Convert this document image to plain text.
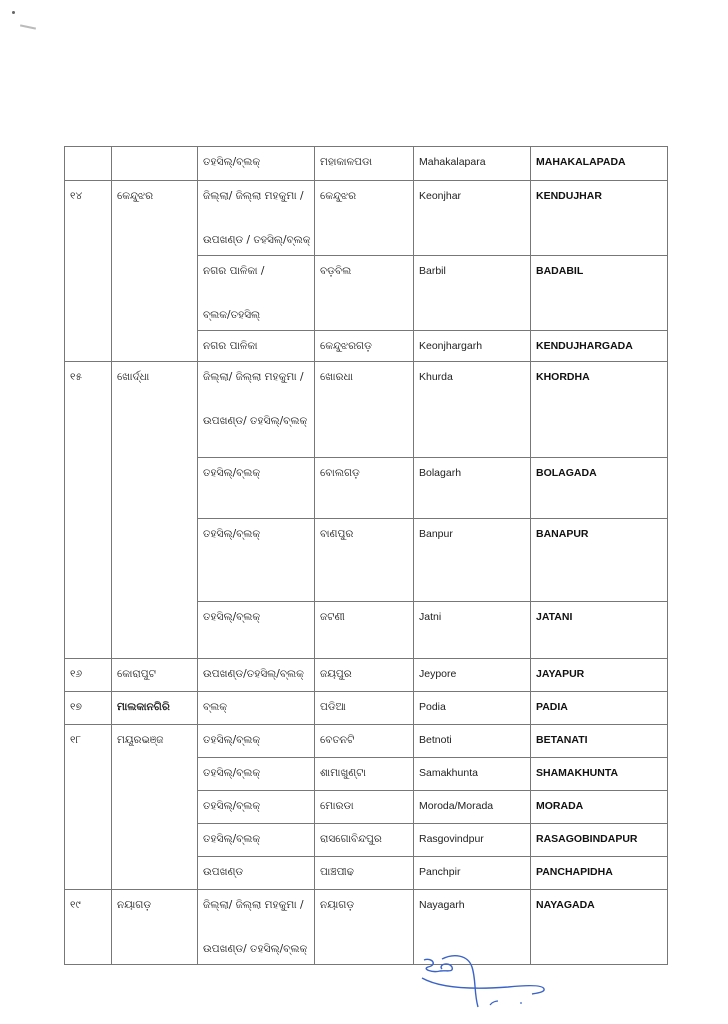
		ତହସିଲ୍/ବ୍ଲକ୍	ମହାକାଳପଡା	Mahakalapara	MAHAKALAPADA
୧୪	କେନ୍ଦୁଝର	ଜିଲ୍ଲା/ ଜିଲ୍ଲା ମହକୁମା /
ଉପଖଣ୍ଡ / ତହସିଲ୍/ବ୍ଲକ୍	କେନ୍ଦୁଝର	Keonjhar	KENDUJHAR

		ନଗର ପାଳିକା /
ବ୍ଲକ/ତହସିଲ୍	ବଡ଼ବିଲ	Barbil	BADABIL

		ନଗର ପାଳିକା	କେନ୍ଦୁଝରଗଡ଼	Keonjhargarh	KENDUJHARGADA
୧୫	ଖୋର୍ଦ୍ଧା	ଜିଲ୍ଲା/ ଜିଲ୍ଲା ମହକୁମା /
ଉପଖଣ୍ଡ/ ତହସିଲ୍/ବ୍ଲକ୍	ଖୋରଧା	Khurda	KHORDHA

		ତହସିଲ୍/ବ୍ଲକ୍	ବୋଲଗଡ଼	Bolagarh	BOLAGADA

		ତହସିଲ୍/ବ୍ଲକ୍	ବାଣପୁର	Banpur	BANAPUR

		ତହସିଲ୍/ବ୍ଲକ୍	ଜଟଣୀ	Jatni	JATANI
୧୬	କୋରାପୁଟ	ଉପଖଣ୍ଡ/ତହସିଲ୍/ବ୍ଲକ୍	ଜୟପୁର	Jeypore	JAYAPUR
୧୭	ମାଲକାନଗିରି	ବ୍ଲକ୍	ପଡିଆ	Podia	PADIA
୧୮	ମୟୂରଭଞ୍ଜ	ତହସିଲ୍/ବ୍ଲକ୍	ବେତନଟି	Betnoti	BETANATI

		ତହସିଲ୍/ବ୍ଲକ୍	ଶାମାଖୁଣ୍ଟା	Samakhunta	SHAMAKHUNTA

		ତହସିଲ୍/ବ୍ଲକ୍	ମୋରଡା	Moroda/Morada	MORADA

		ତହସିଲ୍/ବ୍ଲକ୍	ରାସଗୋବିନ୍ଦପୁର	Rasgovindpur	RASAGOBINDAPUR

		ଉପଖଣ୍ଡ	ପାଞ୍ଚପୀଢ	Panchpir	PANCHAPIDHA
୧୯	ନୟାଗଡ଼	ଜିଲ୍ଲା/ ଜିଲ୍ଲା ମହକୁମା /
ଉପଖଣ୍ଡ/ ତହସିଲ୍/ବ୍ଲକ୍	ନୟାଗଡ଼	Nayagarh	NAYAGADA
